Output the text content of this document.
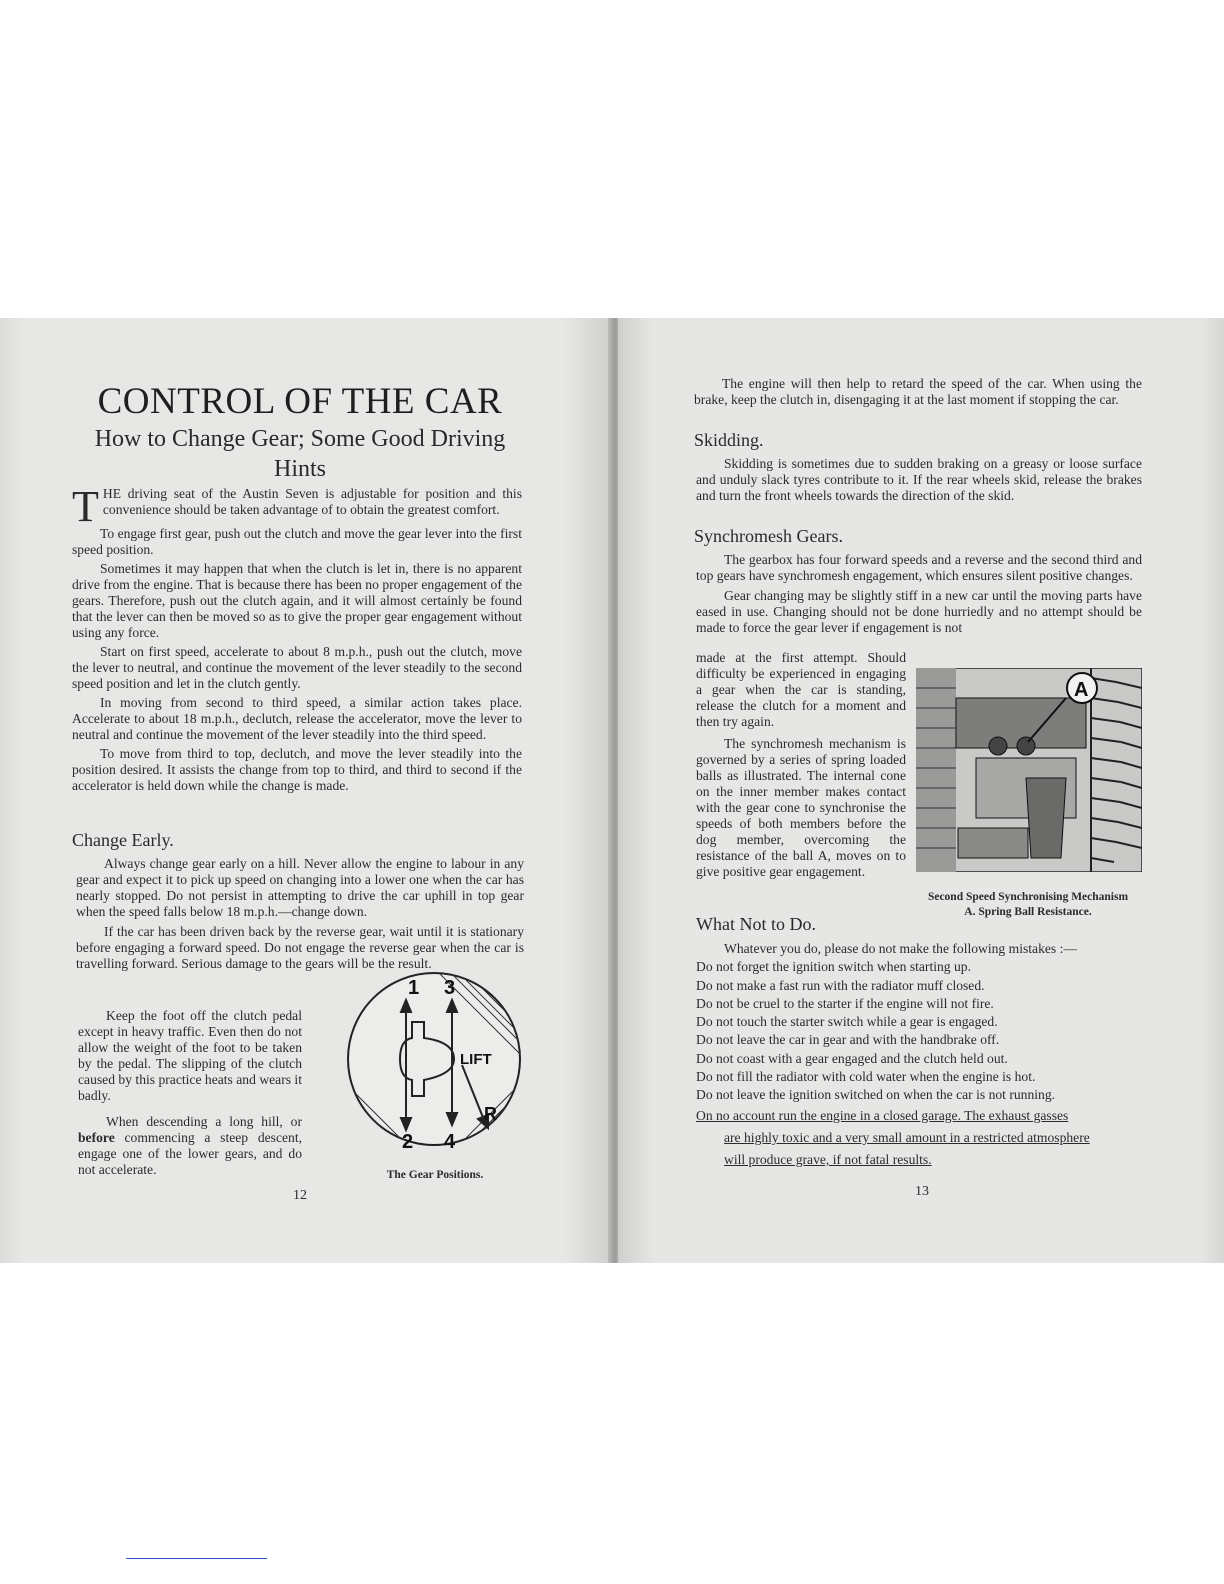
CONTROL OF THE CAR
How to Change Gear; Some Good Driving Hints
T HE driving seat of the Austin Seven is adjustable for position and this convenience should be taken advantage of to obtain the greatest comfort.

To engage first gear, push out the clutch and move the gear lever into the first speed position.

Sometimes it may happen that when the clutch is let in, there is no apparent drive from the engine. That is because there has been no proper engagement of the gears. Therefore, push out the clutch again, and it will almost certainly be found that the lever can then be moved so as to give the proper gear engagement without using any force.

Start on first speed, accelerate to about 8 m.p.h., push out the clutch, move the lever to neutral, and continue the movement of the lever steadily to the second speed position and let in the clutch gently.

In moving from second to third speed, a similar action takes place. Accelerate to about 18 m.p.h., declutch, release the accelerator, move the lever to neutral and continue the movement of the lever steadily into the third speed.

To move from third to top, declutch, and move the lever steadily into the position desired. It assists the change from top to third, and third to second if the accelerator is held down while the change is made.

Change Early.

Always change gear early on a hill. Never allow the engine to labour in any gear and expect it to pick up speed on changing into a lower one when the car has nearly stopped. Do not persist in attempting to drive the car uphill in top gear when the speed falls below 18 m.p.h.—change down.

If the car has been driven back by the reverse gear, wait until it is stationary before engaging a forward speed. Do not engage the reverse gear when the car is travelling forward. Serious damage to the gears will be the result.

Keep the foot off the clutch pedal except in heavy traffic. Even then do not allow the weight of the foot to be taken by the pedal. The slipping of the clutch caused by this practice heats and wears it badly.

When descending a long hill, or before commencing a steep descent, engage one of the lower gears, and do not accelerate.

1 3
LIFT
2 4
R
The Gear Positions.
12

The engine will then help to retard the speed of the car. When using the brake, keep the clutch in, disengaging it at the last moment if stopping the car.

Skidding.

Skidding is sometimes due to sudden braking on a greasy or loose surface and unduly slack tyres contribute to it. If the rear wheels skid, release the brakes and turn the front wheels towards the direction of the skid.

Synchromesh Gears.

The gearbox has four forward speeds and a reverse and the second third and top gears have synchromesh engagement, which ensures silent positive changes.

Gear changing may be slightly stiff in a new car until the moving parts have eased in use. Changing should not be done hurriedly and no attempt should be made to force the gear lever if engagement is not

made at the first attempt. Should difficulty be experienced in engaging a gear when the car is standing, release the clutch for a moment and then try again.

The synchromesh mechanism is governed by a series of spring loaded balls as illustrated. The internal cone on the inner member makes contact with the gear cone to synchronise the speeds of both members before the dog member, overcoming the resistance of the ball A, moves on to give positive gear engagement.

A
Second Speed Synchronising Mechanism
A. Spring Ball Resistance.
What Not to Do.

Whatever you do, please do not make the following mistakes :—

Do not forget the ignition switch when starting up.

Do not make a fast run with the radiator muff closed.

Do not be cruel to the starter if the engine will not fire.

Do not touch the starter switch while a gear is engaged.

Do not leave the car in gear and with the handbrake off.

Do not coast with a gear engaged and the clutch held out.

Do not fill the radiator with cold water when the engine is hot.

Do not leave the ignition switched on when the car is not running.

On no account run the engine in a closed garage. The exhaust gasses

are highly toxic and a very small amount in a restricted atmosphere

will produce grave, if not fatal results.

13
